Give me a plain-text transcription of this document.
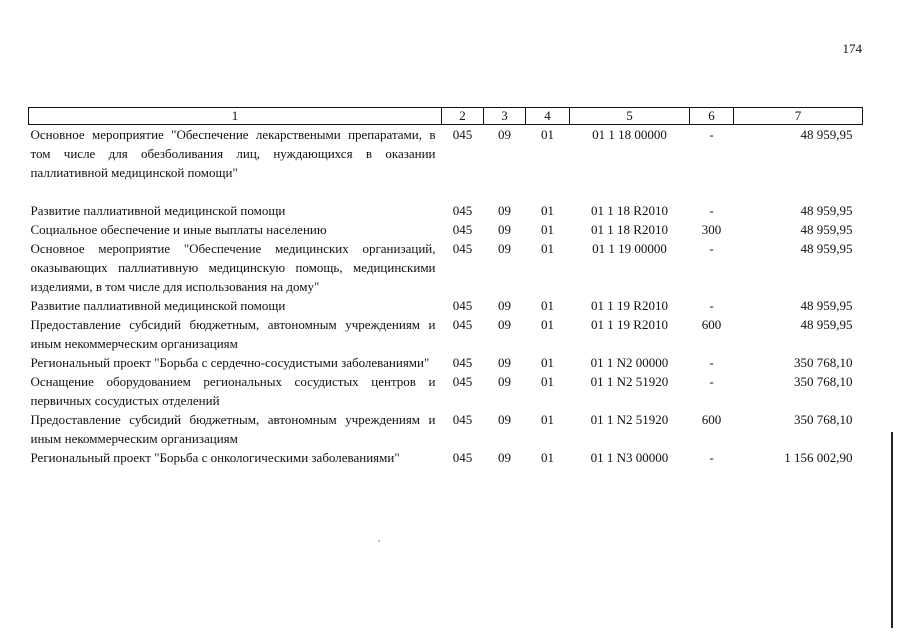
174
1	2	3	4	5	6	7
Основное мероприятие "Обеспечение лекарствеными препаратами, в том числе для обезболивания лиц, нуждающихся в оказании паллиативной медицинской помощи"	045	09	01	01 1 18 00000	-	48 959,95

Развитие паллиативной медицинской помощи	045	09	01	01 1 18 R2010	-	48 959,95
Социальное обеспечение и иные выплаты населению	045	09	01	01 1 18 R2010	300	48 959,95
Основное мероприятие "Обеспечение медицинских организаций, оказывающих паллиативную медицинскую помощь, медицинскими изделиями, в том числе для использования на дому"	045	09	01	01 1 19 00000	-	48 959,95
Развитие паллиативной медицинской помощи	045	09	01	01 1 19 R2010	-	48 959,95
Предоставление субсидий бюджетным, автономным учреждениям и иным некоммерческим организациям	045	09	01	01 1 19 R2010	600	48 959,95
Региональный проект "Борьба с сердечно-сосудистыми заболеваниями"	045	09	01	01 1 N2 00000	-	350 768,10
Оснащение оборудованием региональных сосудистых центров и первичных сосудистых отделений	045	09	01	01 1 N2 51920	-	350 768,10
Предоставление субсидий бюджетным, автономным учреждениям и иным некоммерческим организациям	045	09	01	01 1 N2 51920	600	350 768,10
Региональный проект "Борьба с онкологическими заболеваниями"	045	09	01	01 1 N3 00000	-	1 156 002,90
